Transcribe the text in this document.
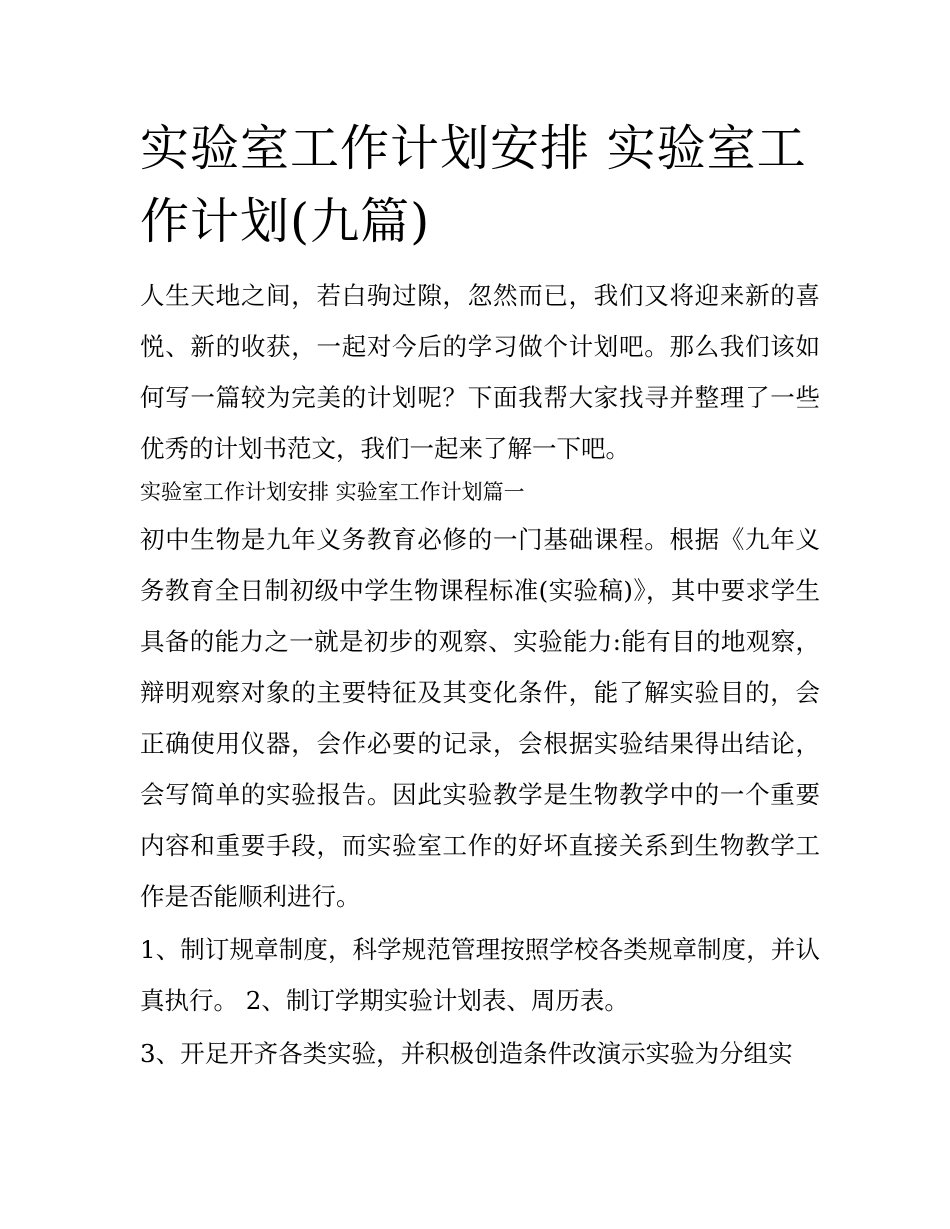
实验室工作计划安排 实验室工作计划(九篇)

人生天地之间，若白驹过隙，忽然而已，我们又将迎来新的喜悦、新的收获，一起对今后的学习做个计划吧。那么我们该如何写一篇较为完美的计划呢？下面我帮大家找寻并整理了一些优秀的计划书范文，我们一起来了解一下吧。

实验室工作计划安排 实验室工作计划篇一

初中生物是九年义务教育必修的一门基础课程。根据《九年义务教育全日制初级中学生物课程标准(实验稿)》，其中要求学生具备的能力之一就是初步的观察、实验能力:能有目的地观察，辩明观察对象的主要特征及其变化条件，能了解实验目的，会正确使用仪器，会作必要的记录，会根据实验结果得出结论，会写简单的实验报告。因此实验教学是生物教学中的一个重要内容和重要手段，而实验室工作的好坏直接关系到生物教学工作是否能顺利进行。

1、制订规章制度，科学规范管理按照学校各类规章制度，并认真执行。 2、制订学期实验计划表、周历表。

3、开足开齐各类实验，并积极创造条件改演示实验为分组实
